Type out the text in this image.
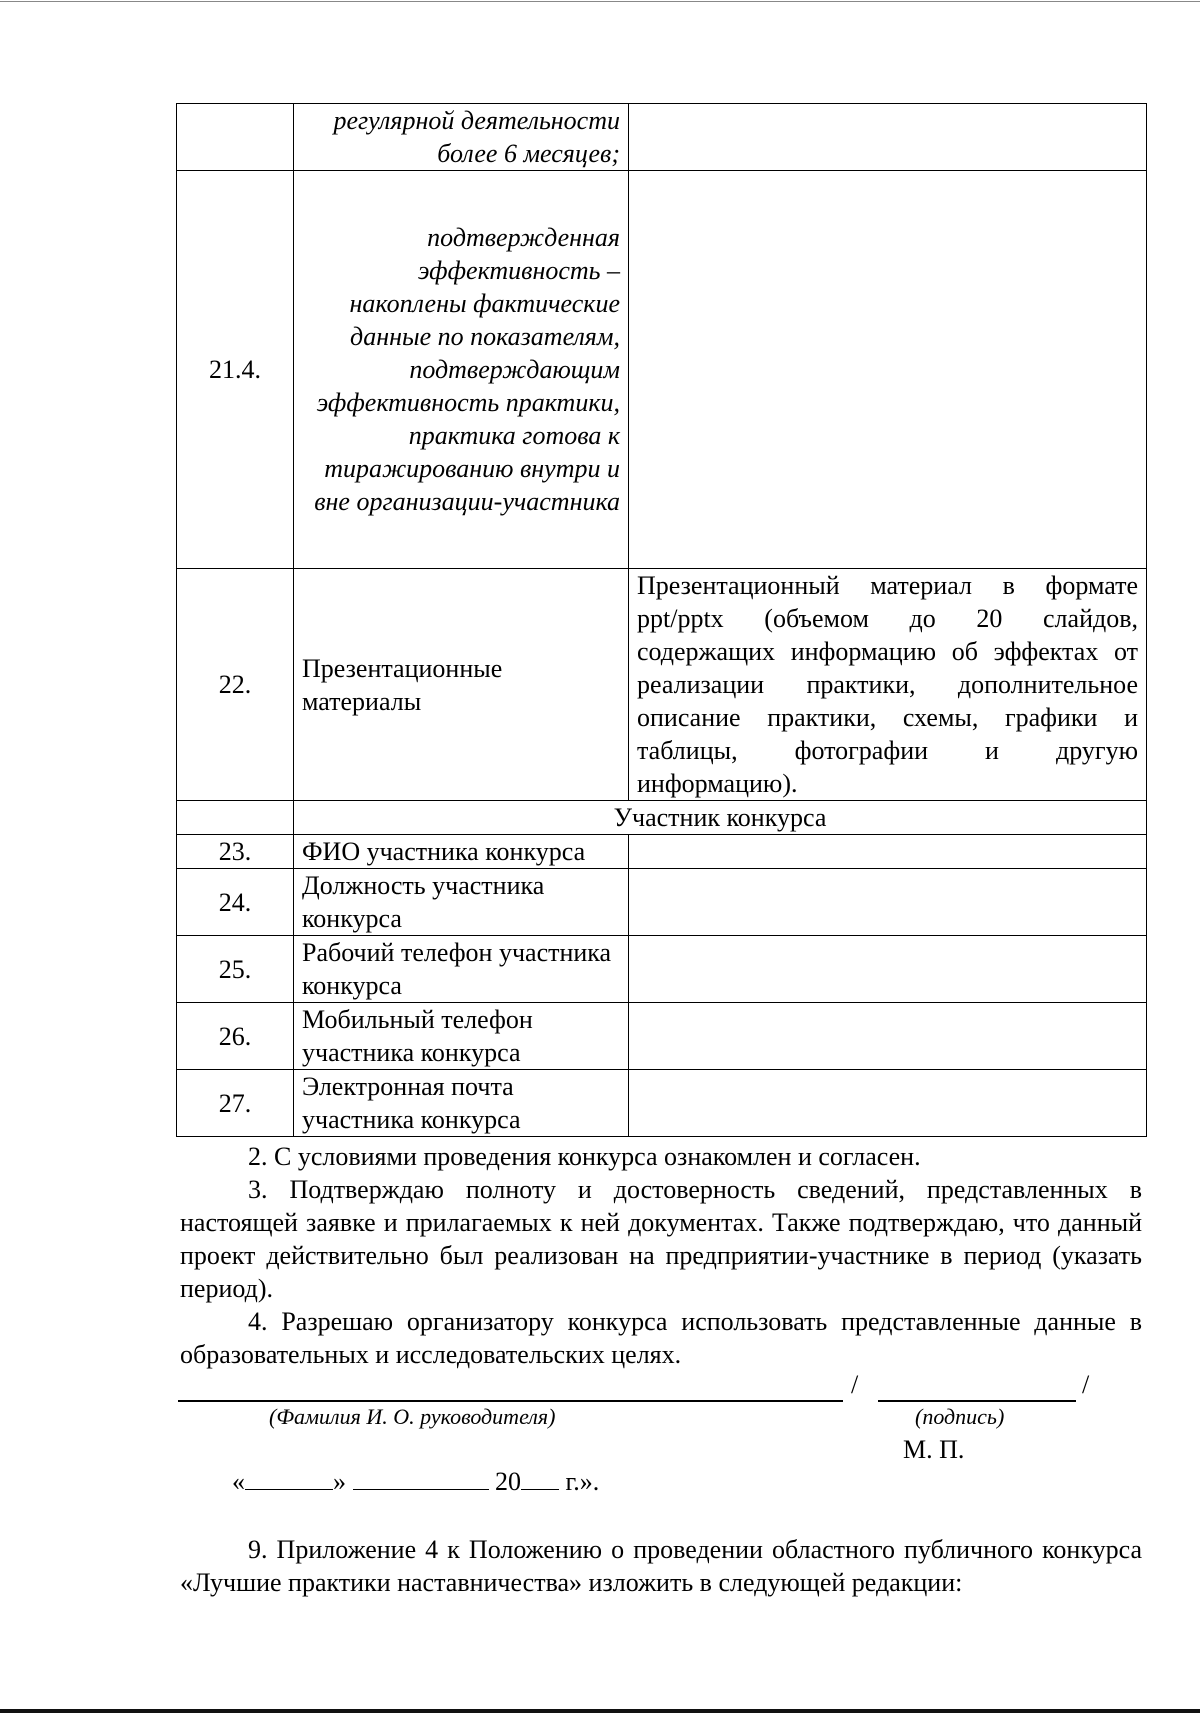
	регулярной деятельности более 6 месяцев;	
21.4.	подтвержденная эффективность – накоплены фактические данные по показателям, подтверждающим эффективность практики, практика готова к тиражированию внутри и вне организации-участника	
22.	Презентационные материалы	Презентационный материал в формате ppt/pptx (объемом до 20 слайдов, содержащих информацию об эффектах от реализации практики, дополнительное описание практики, схемы, графики и таблицы, фотографии и другую информацию).
	Участник конкурса	
23.	ФИО участника конкурса	
24.	Должность участника конкурса	
25.	Рабочий телефон участника конкурса	
26.	Мобильный телефон участника конкурса	
27.	Электронная почта участника конкурса	
2. С условиями проведения конкурса ознакомлен и согласен.
3. Подтверждаю полноту и достоверность сведений, представленных в настоящей заявке и прилагаемых к ней документах. Также подтверждаю, что данный проект действительно был реализован на предприятии-участнике в период (указать период).
4. Разрешаю организатору конкурса использовать представленные данные в образовательных и исследовательских целях.
/	/
(Фамилия И. О. руководителя)	(подпись)
М. П.
«	»	20 г.».
9. Приложение 4 к Положению о проведении областного публичного конкурса «Лучшие практики наставничества» изложить в следующей редакции:
